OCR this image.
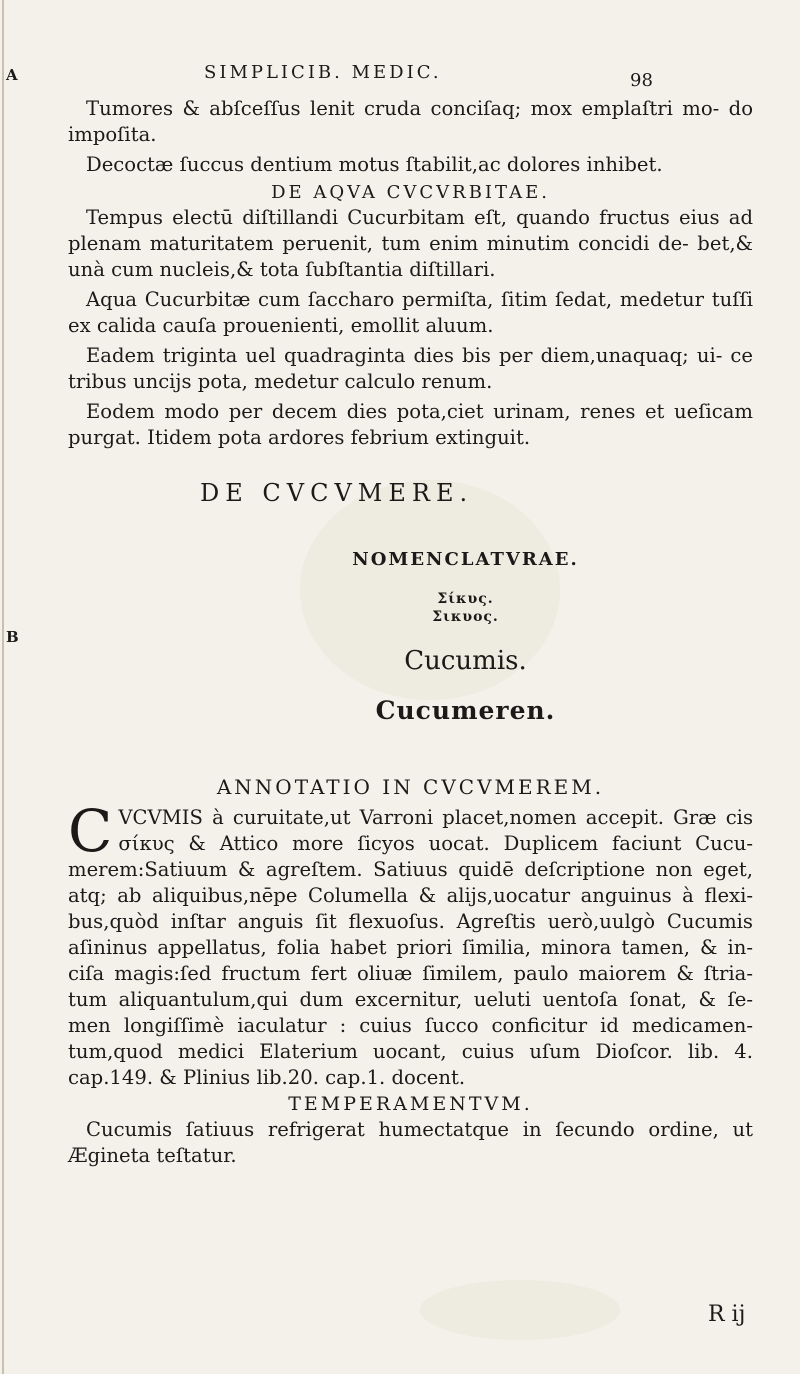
A
B
SIMPLICIB. MEDIC.	98

Tumores & abſceſſus lenit cruda conciſaq; mox emplaſtri mo- do impoſita.

Decoctæ ſuccus dentium motus ſtabilit,ac dolores inhibet.

DE AQVA CVCVRBITAE.

Tempus electū diſtillandi Cucurbitam eſt, quando fructus eius ad plenam maturitatem peruenit, tum enim minutim concidi de- bet,& unà cum nucleis,& tota ſubſtantia diſtillari.

Aqua Cucurbitæ cum ſaccharo permiſta, ſitim ſedat, medetur tuſſi ex calida cauſa prouenienti, emollit aluum.

Eadem triginta uel quadraginta dies bis per diem,unaquaq; ui- ce tribus uncijs pota, medetur calculo renum.

Eodem modo per decem dies pota,ciet urinam, renes et ueſicam purgat. Itidem pota ardores febrium extinguit.

DE CVCVMERE.
NOMENCLATVRAE.
Σίκυς.
Σικυος.
Cucumis.
Cucumeren.
ANNOTATIO IN CVCVMEREM.

CVCVMIS à curuitate,ut Varroni placet,nomen accepit. Græ cis σίκυς & Attico more ſicyos uocat. Duplicem faciunt Cucu- merem:Satiuum & agreſtem. Satiuus quidē deſcriptione non eget, atq; ab aliquibus,nēpe Columella & alijs,uocatur anguinus à flexi- bus,quòd inſtar anguis ſit flexuoſus. Agreſtis uerò,uulgò Cucumis aſininus appellatus, folia habet priori ſimilia, minora tamen, & in- ciſa magis:ſed fructum fert oliuæ ſimilem, paulo maiorem & ſtria- tum aliquantulum,qui dum excernitur, ueluti uentoſa ſonat, & ſe- men longiſſimè iaculatur : cuius ſucco conficitur id medicamen- tum,quod medici Elaterium uocant, cuius uſum Dioſcor. lib. 4. cap.149. & Plinius lib.20. cap.1. docent.

TEMPERAMENTVM.

Cucumis ſatiuus refrigerat humectatque in ſecundo ordine, ut Ægineta teſtatur.

R ij
